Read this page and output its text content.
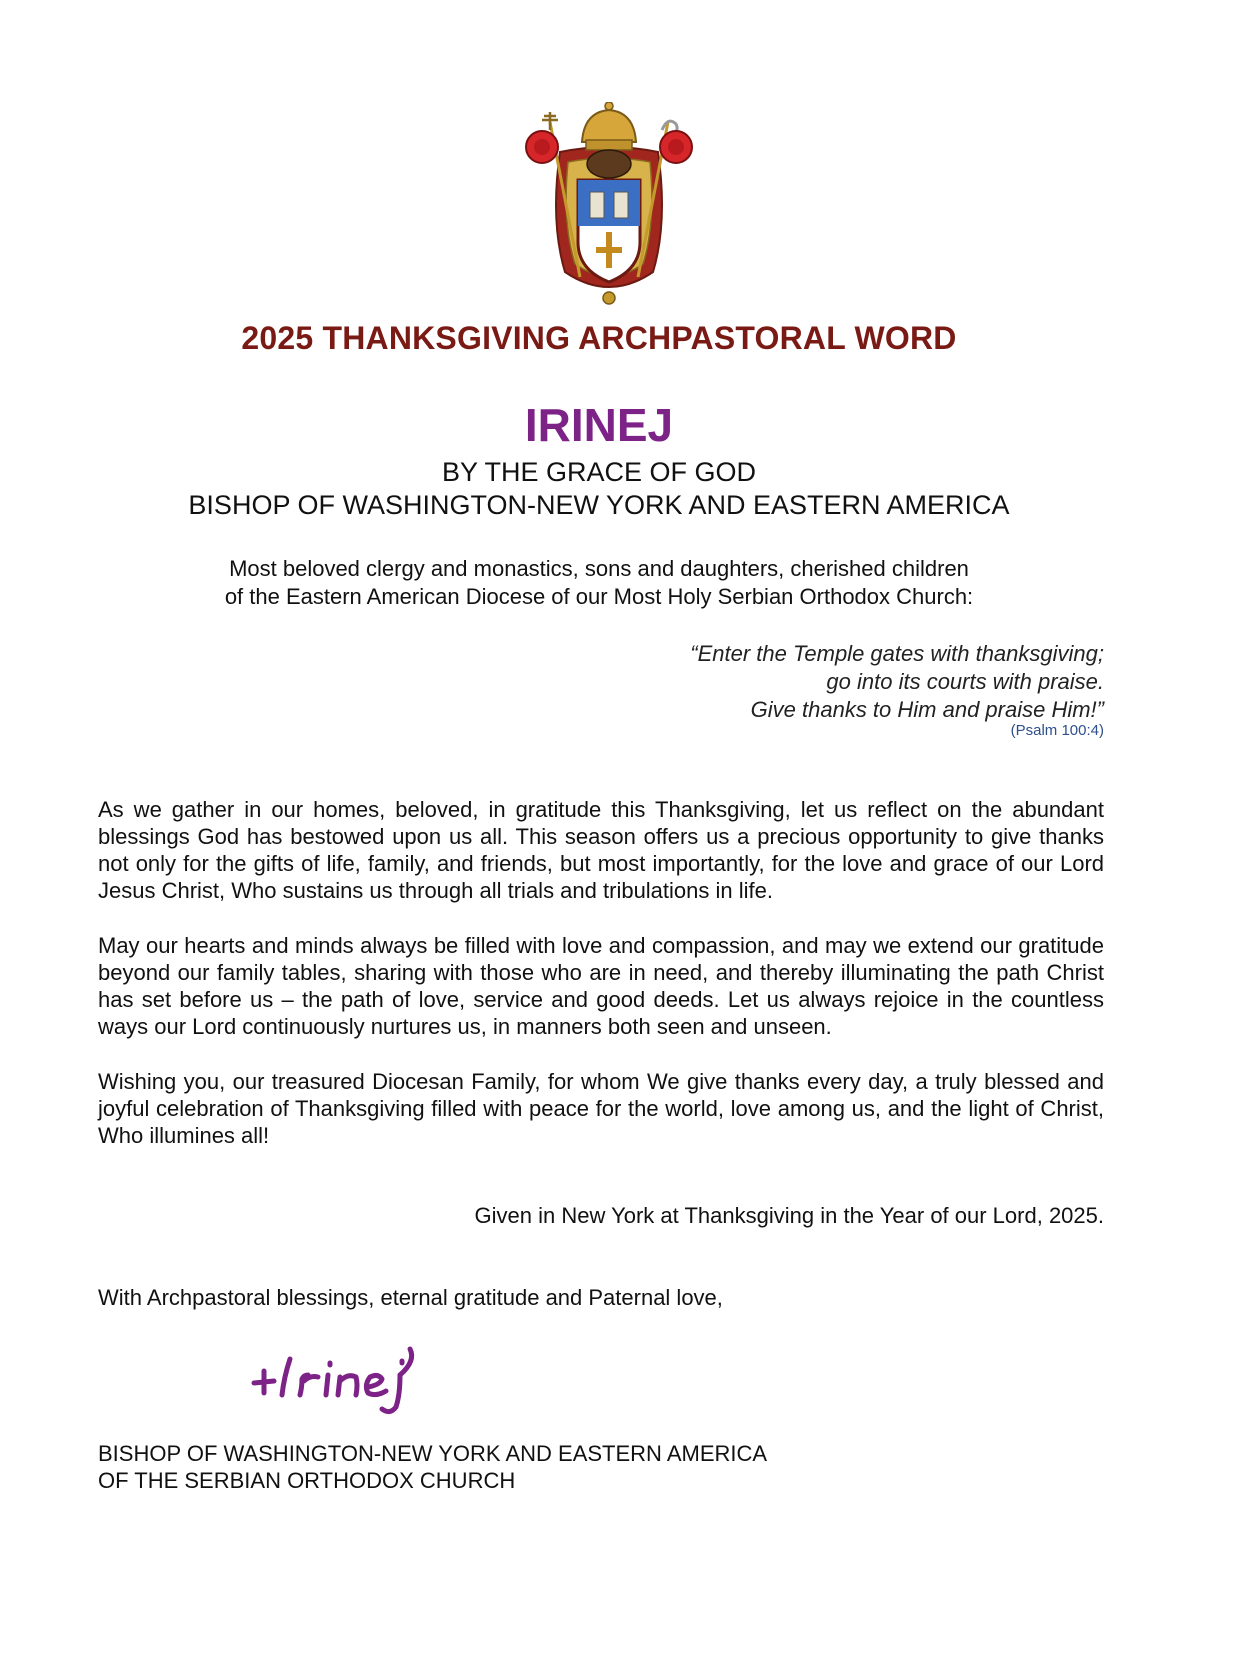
2025 THANKSGIVING ARCHPASTORAL WORD
IRINEJ
BY THE GRACE OF GOD
BISHOP OF WASHINGTON-NEW YORK AND EASTERN AMERICA
Most beloved clergy and monastics, sons and daughters, cherished children
of the Eastern American Diocese of our Most Holy Serbian Orthodox Church:
“Enter the Temple gates with thanksgiving;
go into its courts with praise.
Give thanks to Him and praise Him!”
(Psalm 100:4)

As we gather in our homes, beloved, in gratitude this Thanksgiving, let us reflect on the abundant blessings God has bestowed upon us all. This season offers us a precious opportunity to give thanks not only for the gifts of life, family, and friends, but most importantly, for the love and grace of our Lord Jesus Christ, Who sustains us through all trials and tribulations in life.

May our hearts and minds always be filled with love and compassion, and may we extend our gratitude beyond our family tables, sharing with those who are in need, and thereby illuminating the path Christ has set before us – the path of love, service and good deeds. Let us always rejoice in the countless ways our Lord continuously nurtures us, in manners both seen and unseen.

Wishing you, our treasured Diocesan Family, for whom We give thanks every day, a truly blessed and joyful celebration of Thanksgiving filled with peace for the world, love among us, and the light of Christ, Who illumines all!

Given in New York at Thanksgiving in the Year of our Lord, 2025.
With Archpastoral blessings, eternal gratitude and Paternal love,
BISHOP OF WASHINGTON-NEW YORK AND EASTERN AMERICA
OF THE SERBIAN ORTHODOX CHURCH
